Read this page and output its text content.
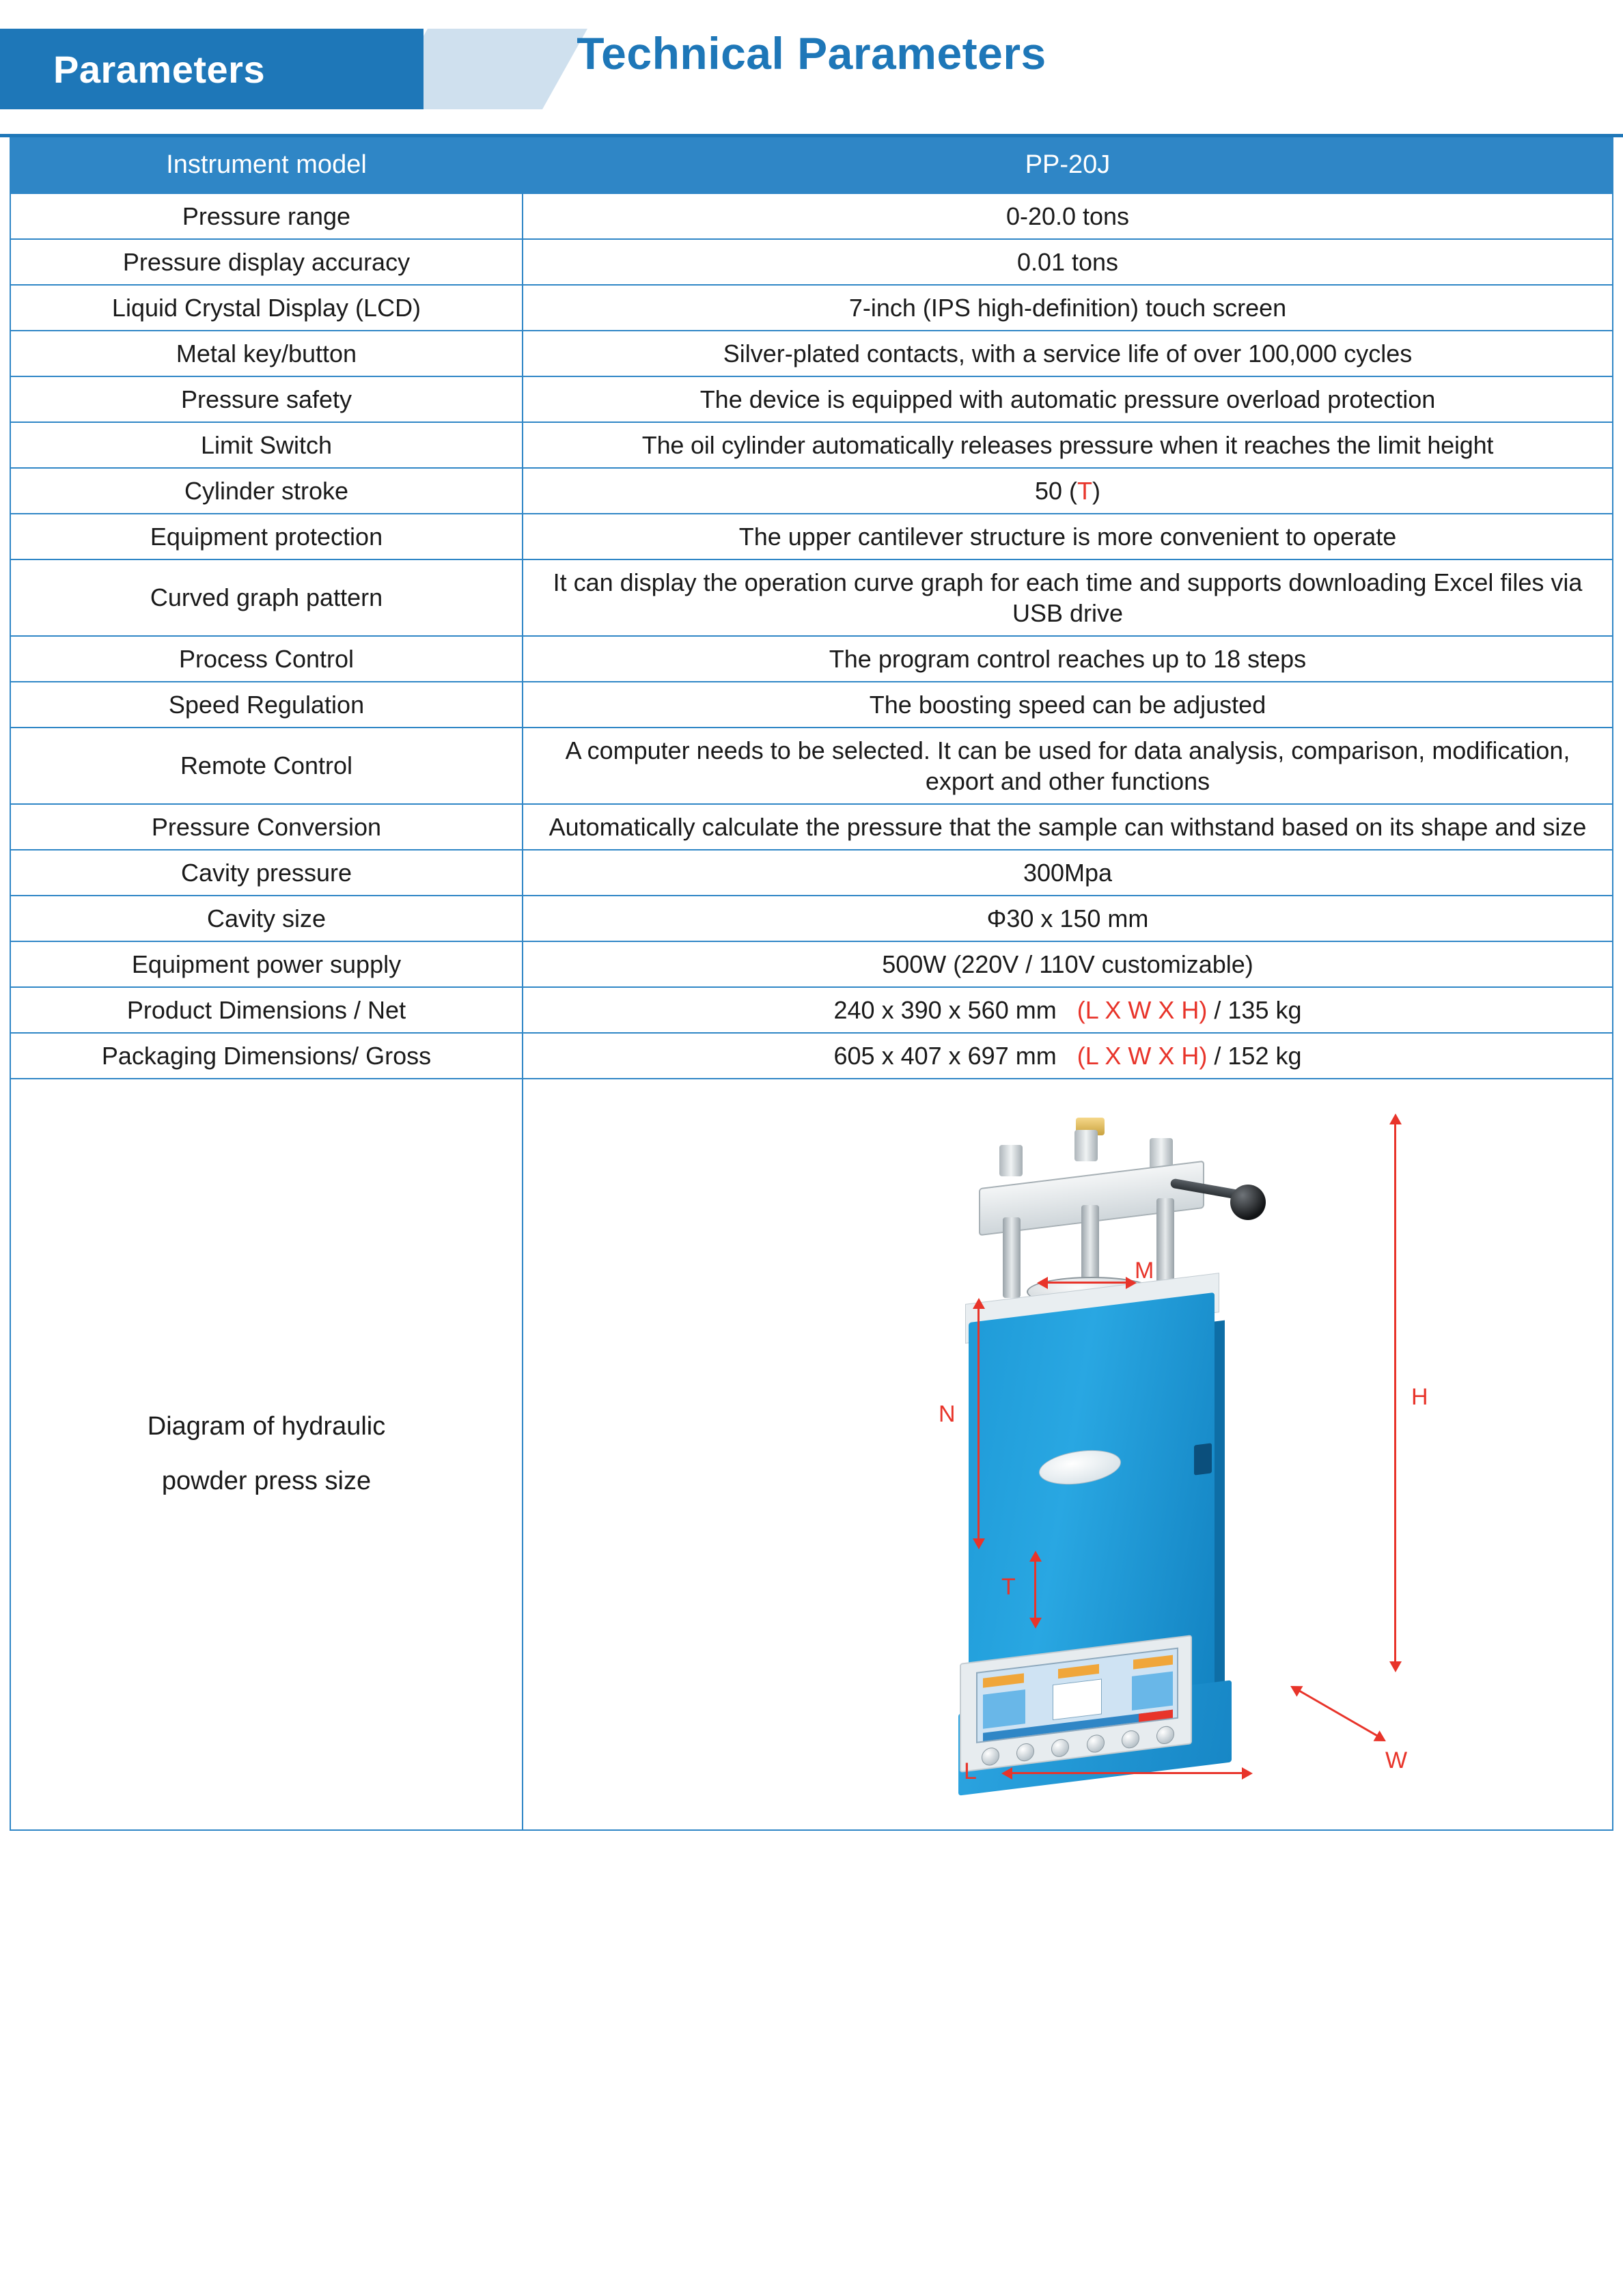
Parameters	Technical Parameters
Instrument model	PP-20J
Pressure range	0-20.0 tons
Pressure display accuracy	0.01 tons
Liquid Crystal Display (LCD)	7-inch (IPS high-definition) touch screen
Metal key/button	Silver-plated contacts, with a service life of over 100,000 cycles
Pressure safety	The device is equipped with automatic pressure overload protection
Limit Switch	The oil cylinder automatically releases pressure when it reaches the limit height
Cylinder stroke	50 (T)
Equipment protection	The upper cantilever structure is more convenient to operate
Curved graph pattern	It can display the operation curve graph for each time and supports downloading Excel files via USB drive
Process Control	The program control reaches up to 18 steps
Speed Regulation	The boosting speed can be adjusted
Remote Control	A computer needs to be selected. It can be used for data analysis, comparison, modification, export and other functions
Pressure Conversion	Automatically calculate the pressure that the sample can withstand based on its shape and size
Cavity pressure	300Mpa
Cavity size	Φ30 x 150 mm
Equipment power supply	500W (220V / 110V customizable)
Product Dimensions / Net	240 x 390 x 560 mm (L X W X H) / 135 kg
Packaging Dimensions/ Gross	605 x 407 x 697 mm (L X W X H) / 152 kg

Diagram of hydraulic
powder press size

M
N
T
H
W
L
